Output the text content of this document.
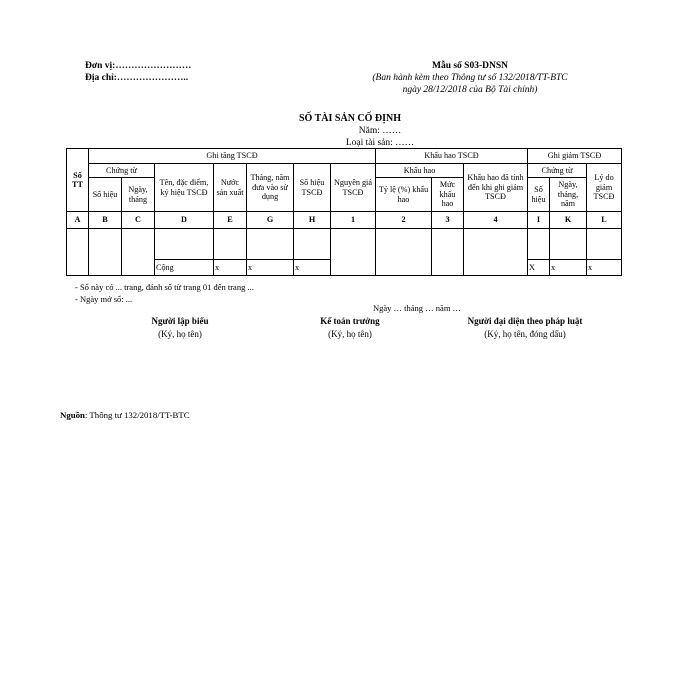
Đơn vị:……………………
Địa chỉ:…………………..
Mẫu số S03-DNSN
(Ban hành kèm theo Thông tư số 132/2018/TT-BTC
ngày 28/12/2018 của Bộ Tài chính)
SỐ TÀI SẢN CỐ ĐỊNH
Năm: ……
Loại tài sản: ……
Số TT	Ghi tăng TSCĐ							Khấu hao TSCĐ			Ghi giảm TSCĐ		
	Chứng từ		Tên, đặc điểm, ký hiệu TSCĐ	Nước sản xuất	Tháng, năm đưa vào sử dụng	Số hiệu TSCĐ	Nguyên giá TSCĐ	Khấu hao		Khấu hao đã tính đến khi ghi giảm TSCĐ	Chứng từ		Lý do giảm TSCĐ
	Số hiệu	Ngày, tháng						Tỷ lệ (%) khấu hao	Mức khấu hao		Số hiệu	Ngày, tháng, năm	
A	B	C	D	E	G	H	1	2	3	4	I	K	L

			Cộng	x	x	x					X	x	x
- Sổ này có ... trang, đánh số từ trang 01 đến trang ...
- Ngày mở sổ: ...
Ngày … tháng … năm …
Người lập biểu
(Ký, họ tên)
Kế toán trưởng
(Ký, họ tên)
Người đại diện theo pháp luật
(Ký, họ tên, đóng dấu)
Nguồn: Thông tư 132/2018/TT-BTC
